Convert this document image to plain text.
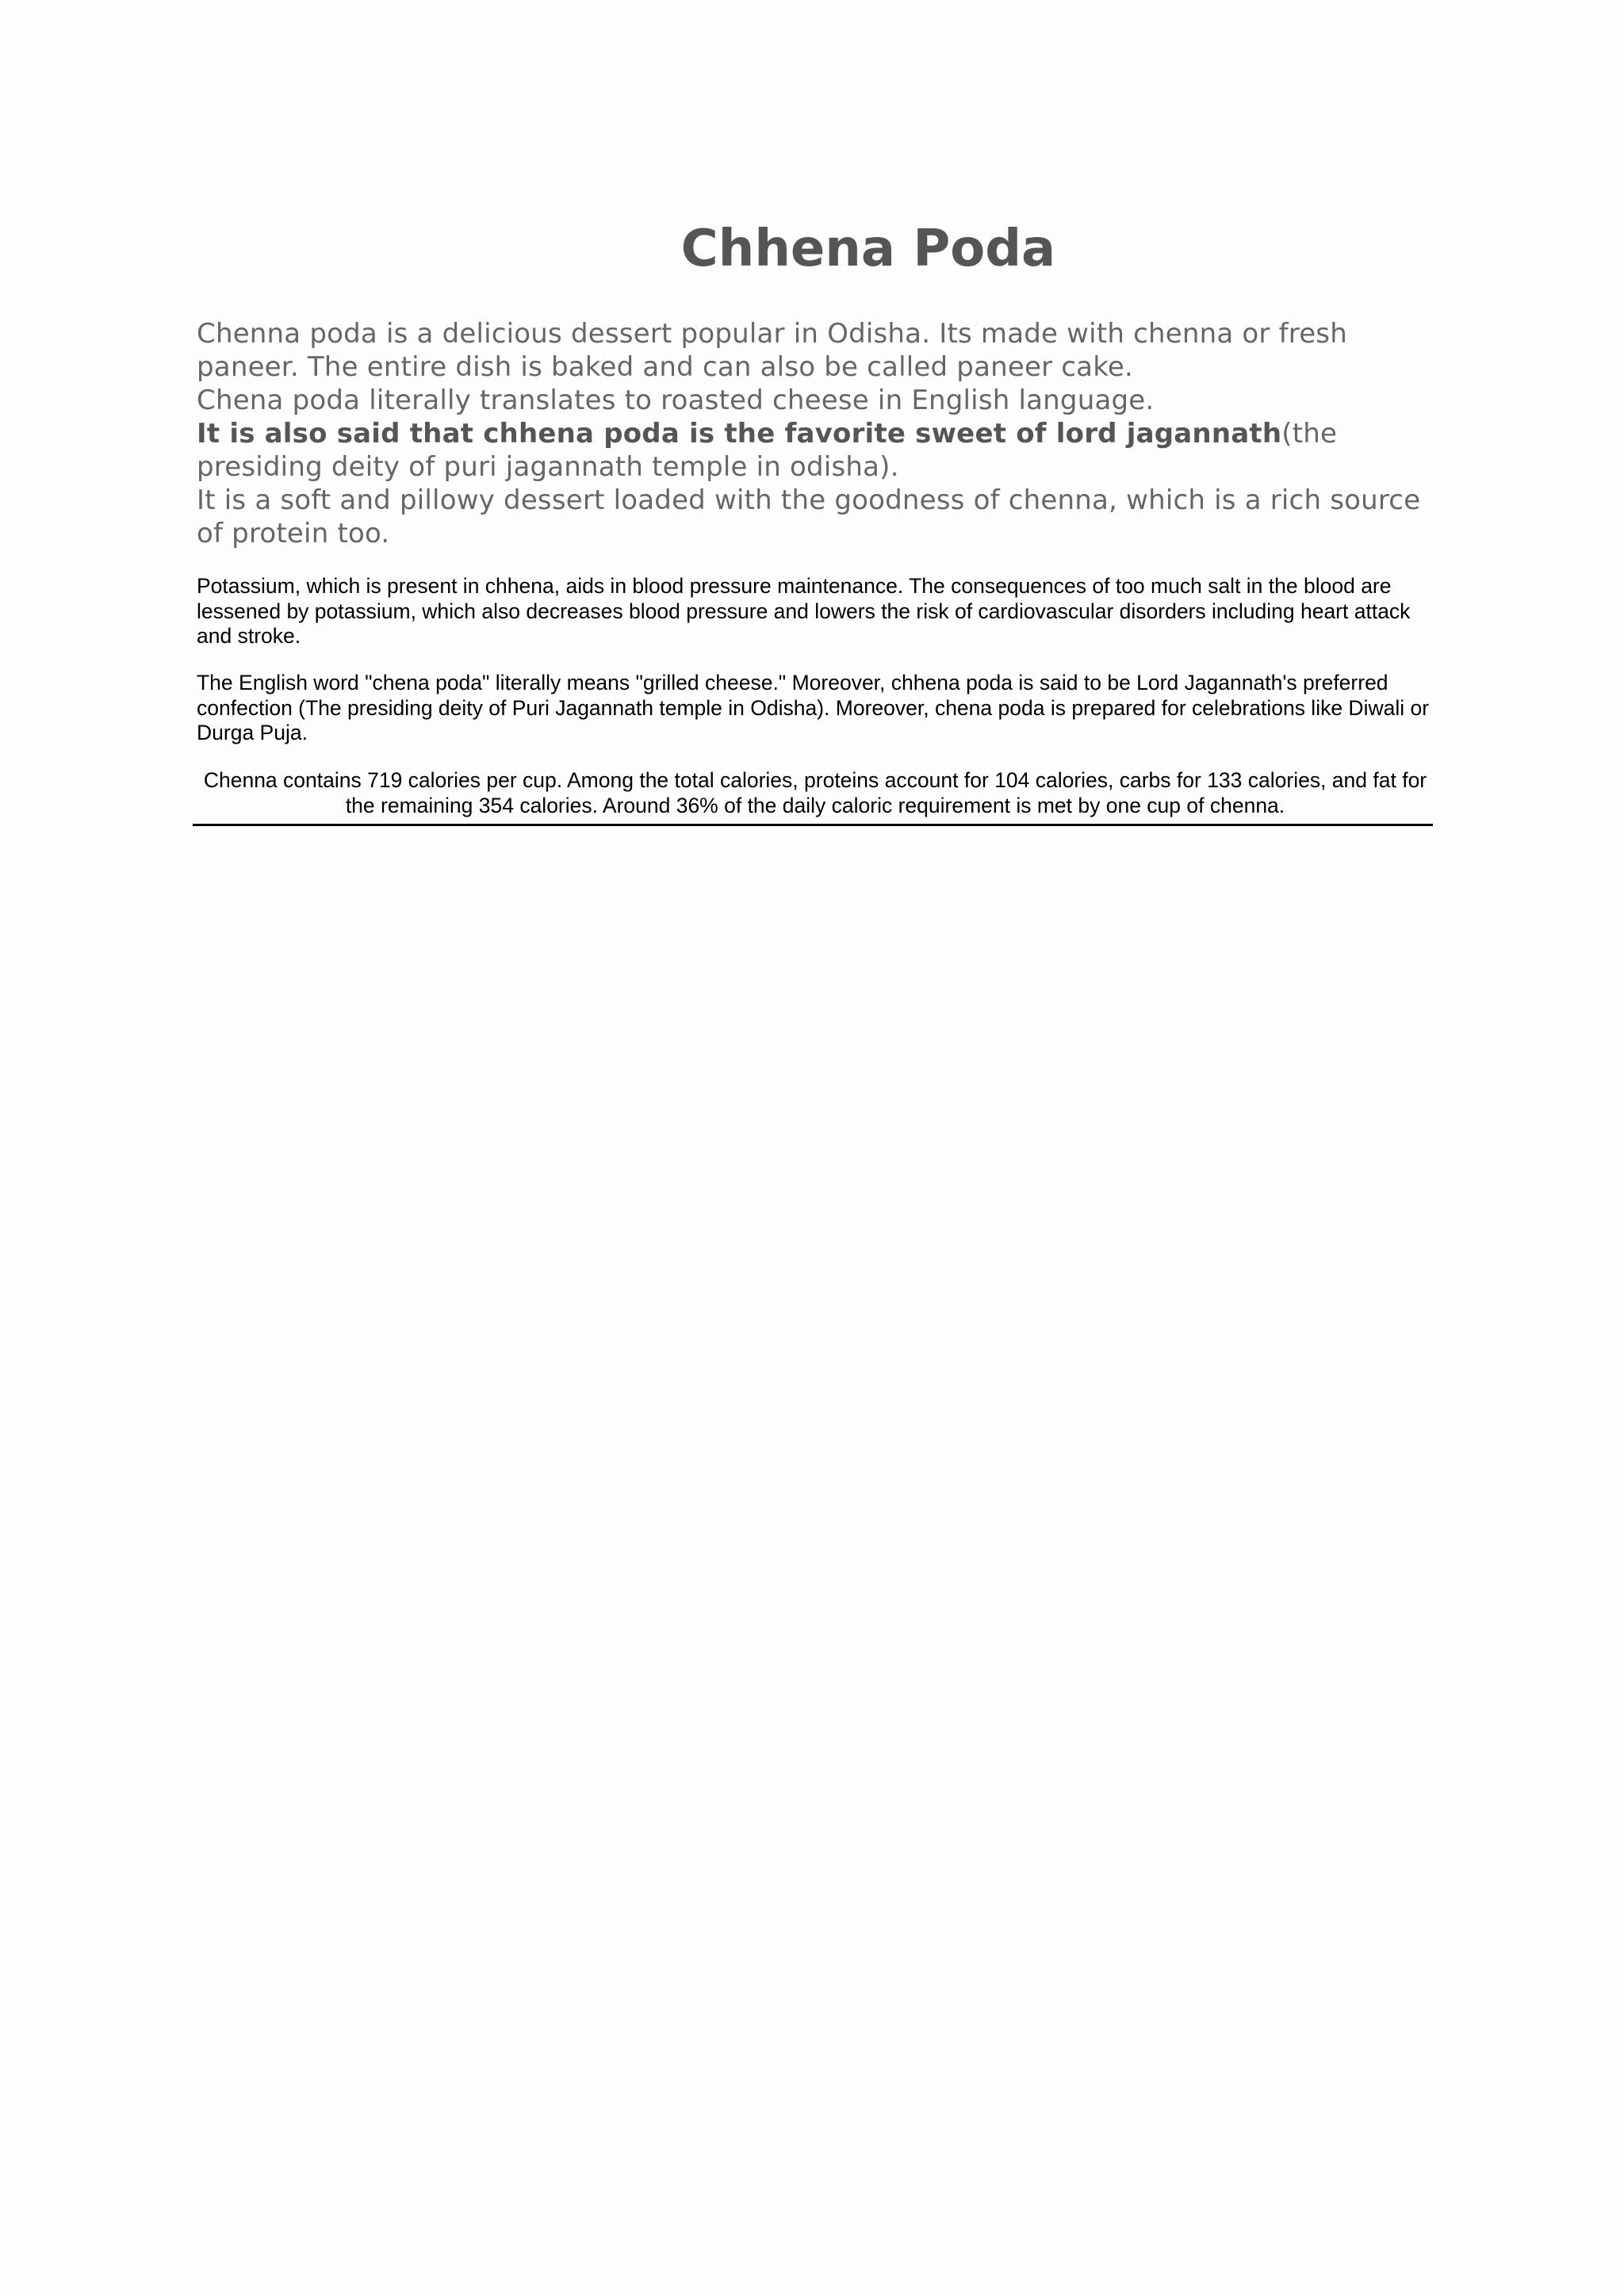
Chhena Poda
Chenna poda is a delicious dessert popular in Odisha. Its made with chenna or fresh
paneer. The entire dish is baked and can also be called paneer cake.
Chena poda literally translates to roasted cheese in English language.
It is also said that chhena poda is the favorite sweet of lord jagannath(the presiding deity of puri jagannath temple in odisha).
It is a soft and pillowy dessert loaded with the goodness of chenna, which is a rich source of protein too.

Potassium, which is present in chhena, aids in blood pressure maintenance. The consequences of too much salt in the blood are lessened by potassium, which also decreases blood pressure and lowers the risk of cardiovascular disorders including heart attack and stroke.

The English word "chena poda" literally means "grilled cheese." Moreover, chhena poda is said to be Lord Jagannath's preferred confection (The presiding deity of Puri Jagannath temple in Odisha). Moreover, chena poda is prepared for celebrations like Diwali or Durga Puja.

Chenna contains 719 calories per cup. Among the total calories, proteins account for 104 calories, carbs for 133 calories, and fat for the remaining 354 calories. Around 36% of the daily caloric requirement is met by one cup of chenna.
